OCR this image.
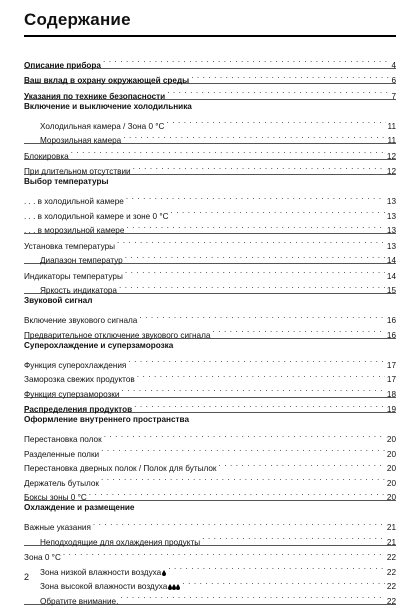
Содержание
Описание прибора . . .	4
Ваш вклад в охрану окружающей среды . . .	6
Указания по технике безопасности . . .	7
Включение и выключение холодильника
Холодильная камера / Зона 0 °C . . .	11
Морозильная камера . . .	11
Блокировка . . .	12
При длительном отсутствии . . .	12
Выбор температуры
. . . в холодильной камере . . .	13
. . . в холодильной камере и зоне 0 °C . . .	13
. . . в морозильной камере . . .	13
Установка температуры . . .	13
Диапазон температур . . .	14
Индикаторы температуры . . .	14
Яркость индикатора . . .	15
Звуковой сигнал
Включение звукового сигнала . . .	16
Предварительное отключение звукового сигнала . . .	16
Суперохлаждение и суперзаморозка
Функция суперохлаждения . . .	17
Заморозка свежих продуктов . . .	17
Функция суперзаморозки . . .	18
Распределения продуктов . . .	19
Оформление внутреннего пространства
Перестановка полок . . .	20
Разделенные полки . . .	20
Перестановка дверных полок / Полок для бутылок . . .	20
Держатель бутылок . . .	20
Боксы зоны 0 °C . . .	20
Охлаждение и размещение
Важные указания . . .	21
Неподходящие для охлаждения продукты . . .	21
Зона 0 °C . . .	22
Зона низкой влажности воздуха . . .	22
Зона высокой влажности воздуха . . .	22
Обратите внимание. . . .	22
2
